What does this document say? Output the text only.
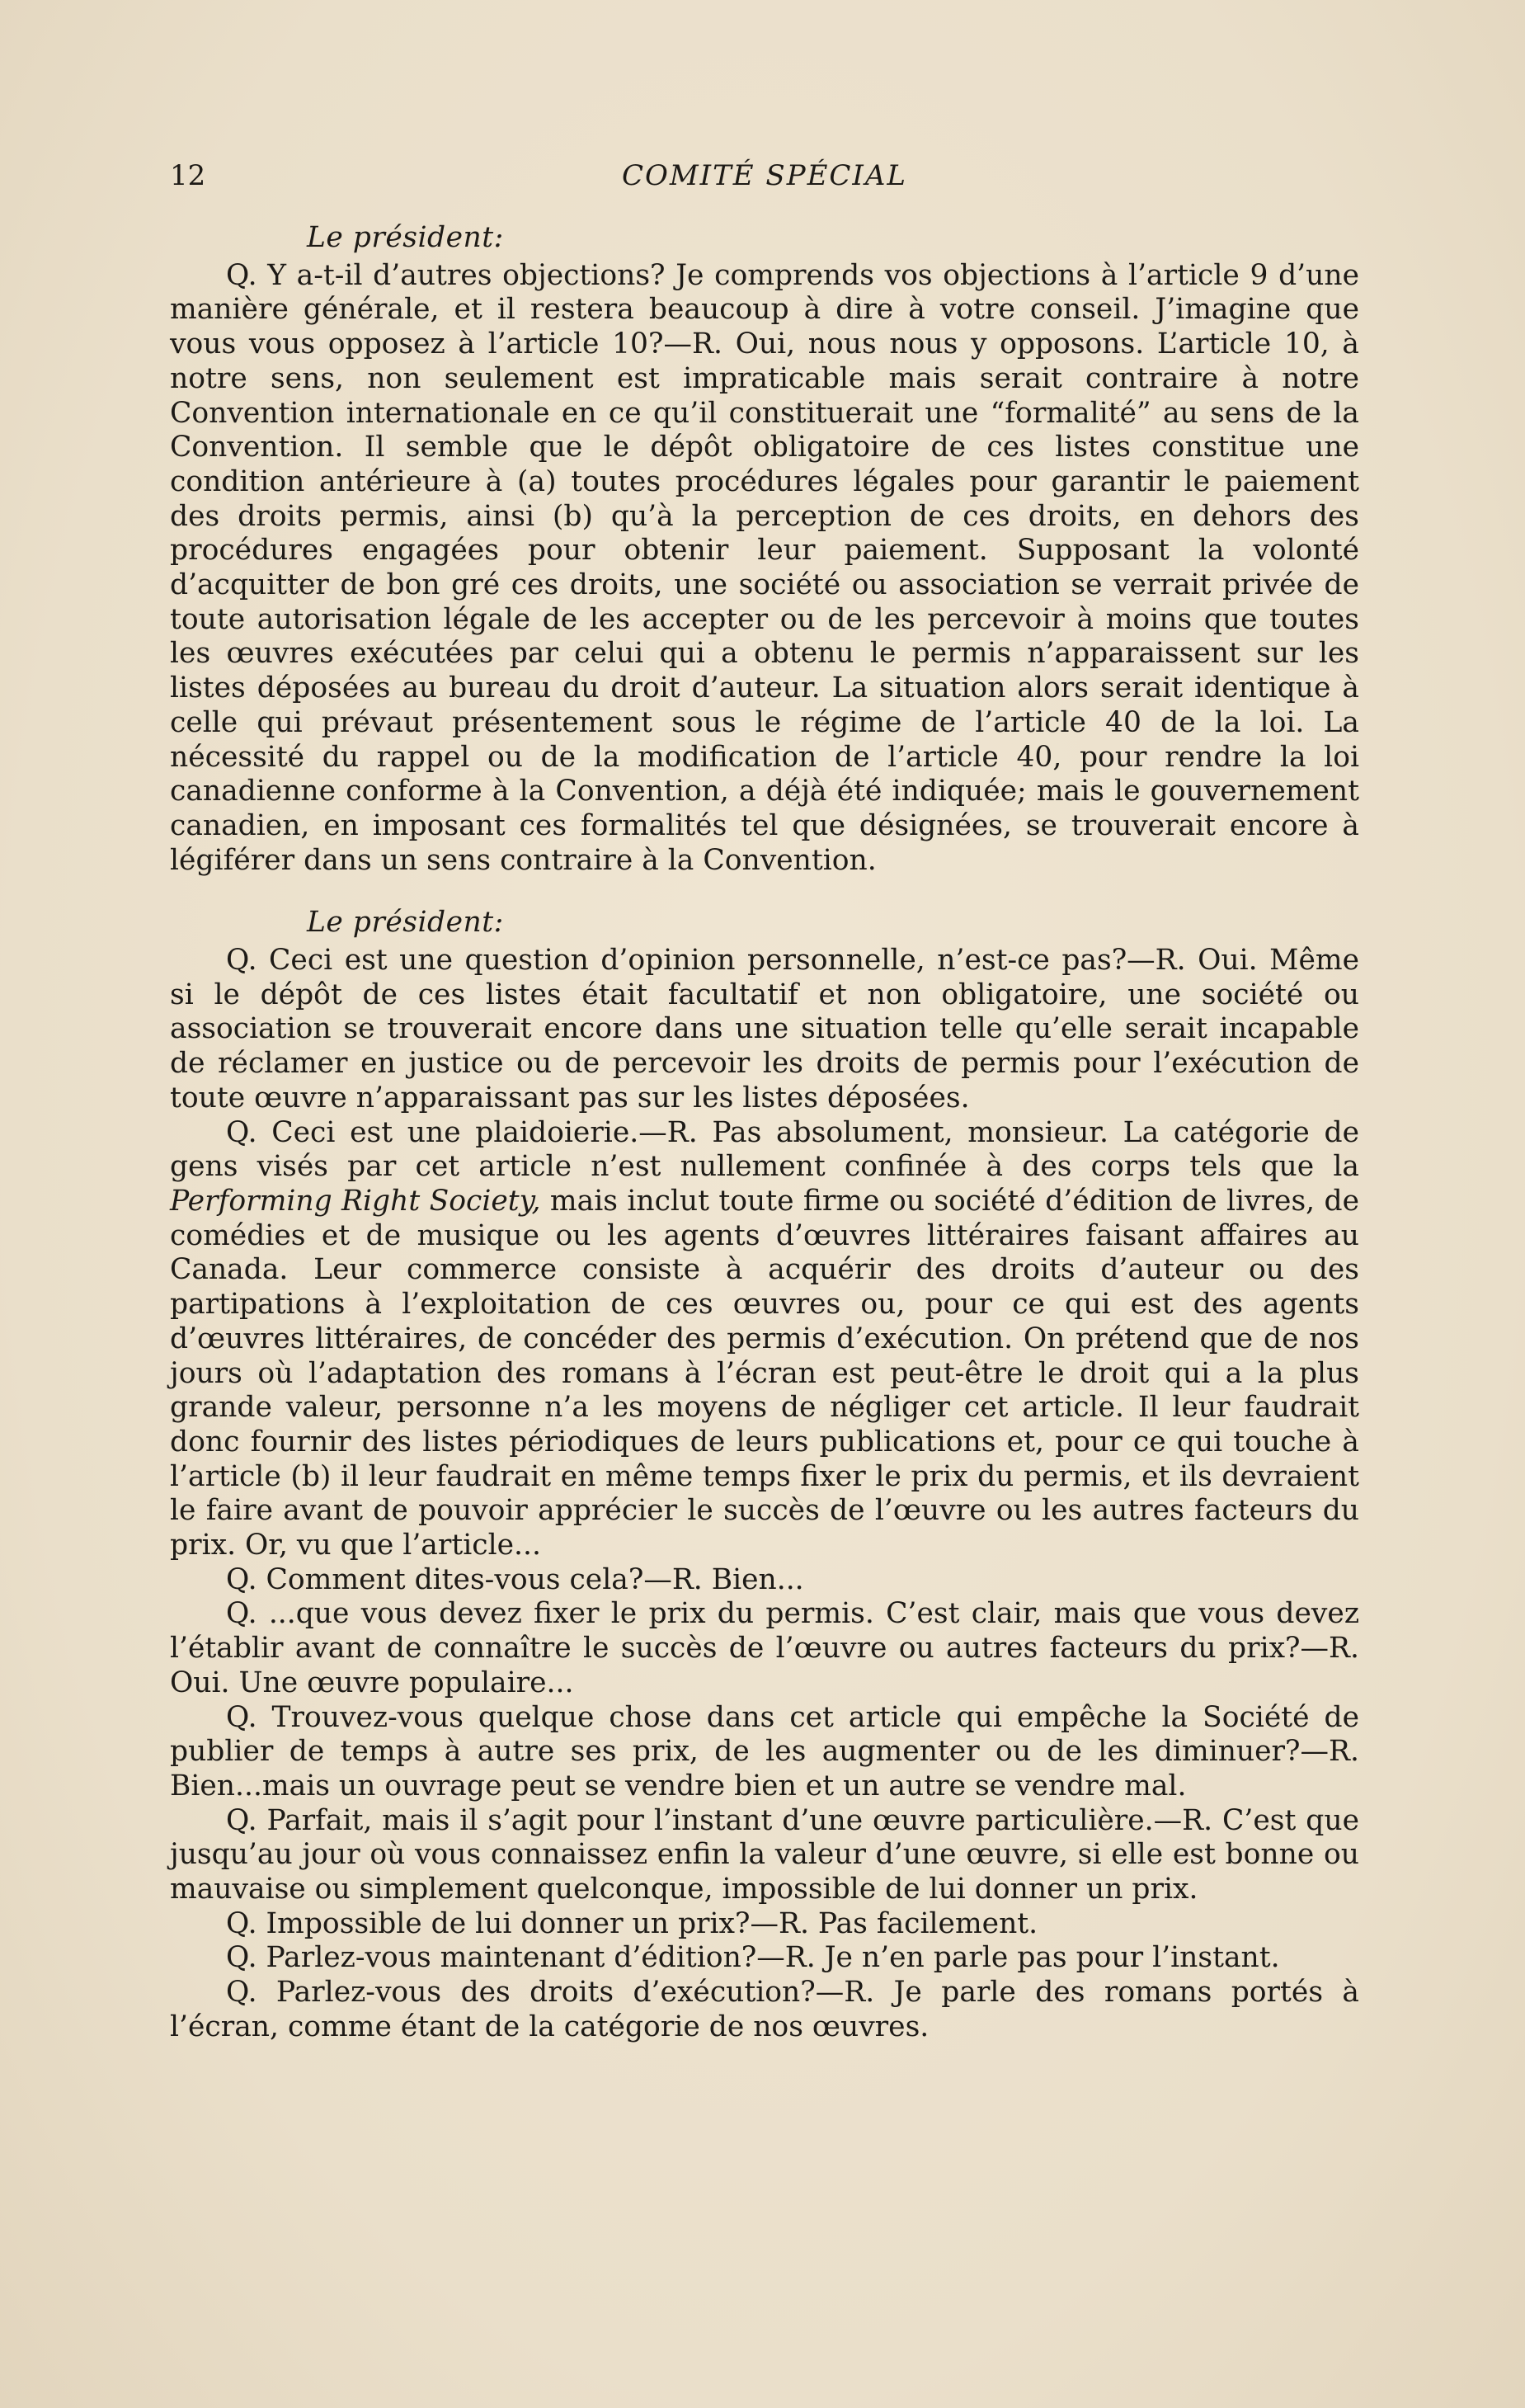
12	COMITÉ SPÉCIAL
Le président:

Q. Y a-t-il d’autres objections? Je comprends vos objections à l’article 9 d’une manière générale, et il restera beaucoup à dire à votre conseil. J’imagine que vous vous opposez à l’article 10?—R. Oui, nous nous y opposons. L’article 10, à notre sens, non seulement est impraticable mais serait contraire à notre Convention internationale en ce qu’il constituerait une “formalité” au sens de la Convention. Il semble que le dépôt obligatoire de ces listes constitue une condition antérieure à (a) toutes procédures légales pour garantir le paiement des droits permis, ainsi (b) qu’à la perception de ces droits, en dehors des procédures engagées pour obtenir leur paiement. Supposant la volonté d’acquitter de bon gré ces droits, une société ou association se verrait privée de toute autorisation légale de les accepter ou de les percevoir à moins que toutes les œuvres exécutées par celui qui a obtenu le permis n’apparaissent sur les listes déposées au bureau du droit d’auteur. La situation alors serait identique à celle qui prévaut présentement sous le régime de l’article 40 de la loi. La nécessité du rappel ou de la modification de l’article 40, pour rendre la loi canadienne conforme à la Convention, a déjà été indiquée; mais le gouvernement canadien, en imposant ces formalités tel que désignées, se trouverait encore à légiférer dans un sens contraire à la Convention.

Le président:

Q. Ceci est une question d’opinion personnelle, n’est-ce pas?—R. Oui. Même si le dépôt de ces listes était facultatif et non obligatoire, une société ou association se trouverait encore dans une situation telle qu’elle serait incapable de réclamer en justice ou de percevoir les droits de permis pour l’exécution de toute œuvre n’apparaissant pas sur les listes déposées.

Q. Ceci est une plaidoierie.—R. Pas absolument, monsieur. La catégorie de gens visés par cet article n’est nullement confinée à des corps tels que la Performing Right Society, mais inclut toute firme ou société d’édition de livres, de comédies et de musique ou les agents d’œuvres littéraires faisant affaires au Canada. Leur commerce consiste à acquérir des droits d’auteur ou des partipations à l’exploitation de ces œuvres ou, pour ce qui est des agents d’œuvres littéraires, de concéder des permis d’exécution. On prétend que de nos jours où l’adaptation des romans à l’écran est peut-être le droit qui a la plus grande valeur, personne n’a les moyens de négliger cet article. Il leur faudrait donc fournir des listes périodiques de leurs publications et, pour ce qui touche à l’article (b) il leur faudrait en même temps fixer le prix du permis, et ils devraient le faire avant de pouvoir apprécier le succès de l’œuvre ou les autres facteurs du prix. Or, vu que l’article...

Q. Comment dites-vous cela?—R. Bien...

Q. ...que vous devez fixer le prix du permis. C’est clair, mais que vous devez l’établir avant de connaître le succès de l’œuvre ou autres facteurs du prix?—R. Oui. Une œuvre populaire...

Q. Trouvez-vous quelque chose dans cet article qui empêche la Société de publier de temps à autre ses prix, de les augmenter ou de les diminuer?—R. Bien...mais un ouvrage peut se vendre bien et un autre se vendre mal.

Q. Parfait, mais il s’agit pour l’instant d’une œuvre particulière.—R. C’est que jusqu’au jour où vous connaissez enfin la valeur d’une œuvre, si elle est bonne ou mauvaise ou simplement quelconque, impossible de lui donner un prix.

Q. Impossible de lui donner un prix?—R. Pas facilement.

Q. Parlez-vous maintenant d’édition?—R. Je n’en parle pas pour l’instant.

Q. Parlez-vous des droits d’exécution?—R. Je parle des romans portés à l’écran, comme étant de la catégorie de nos œuvres.
